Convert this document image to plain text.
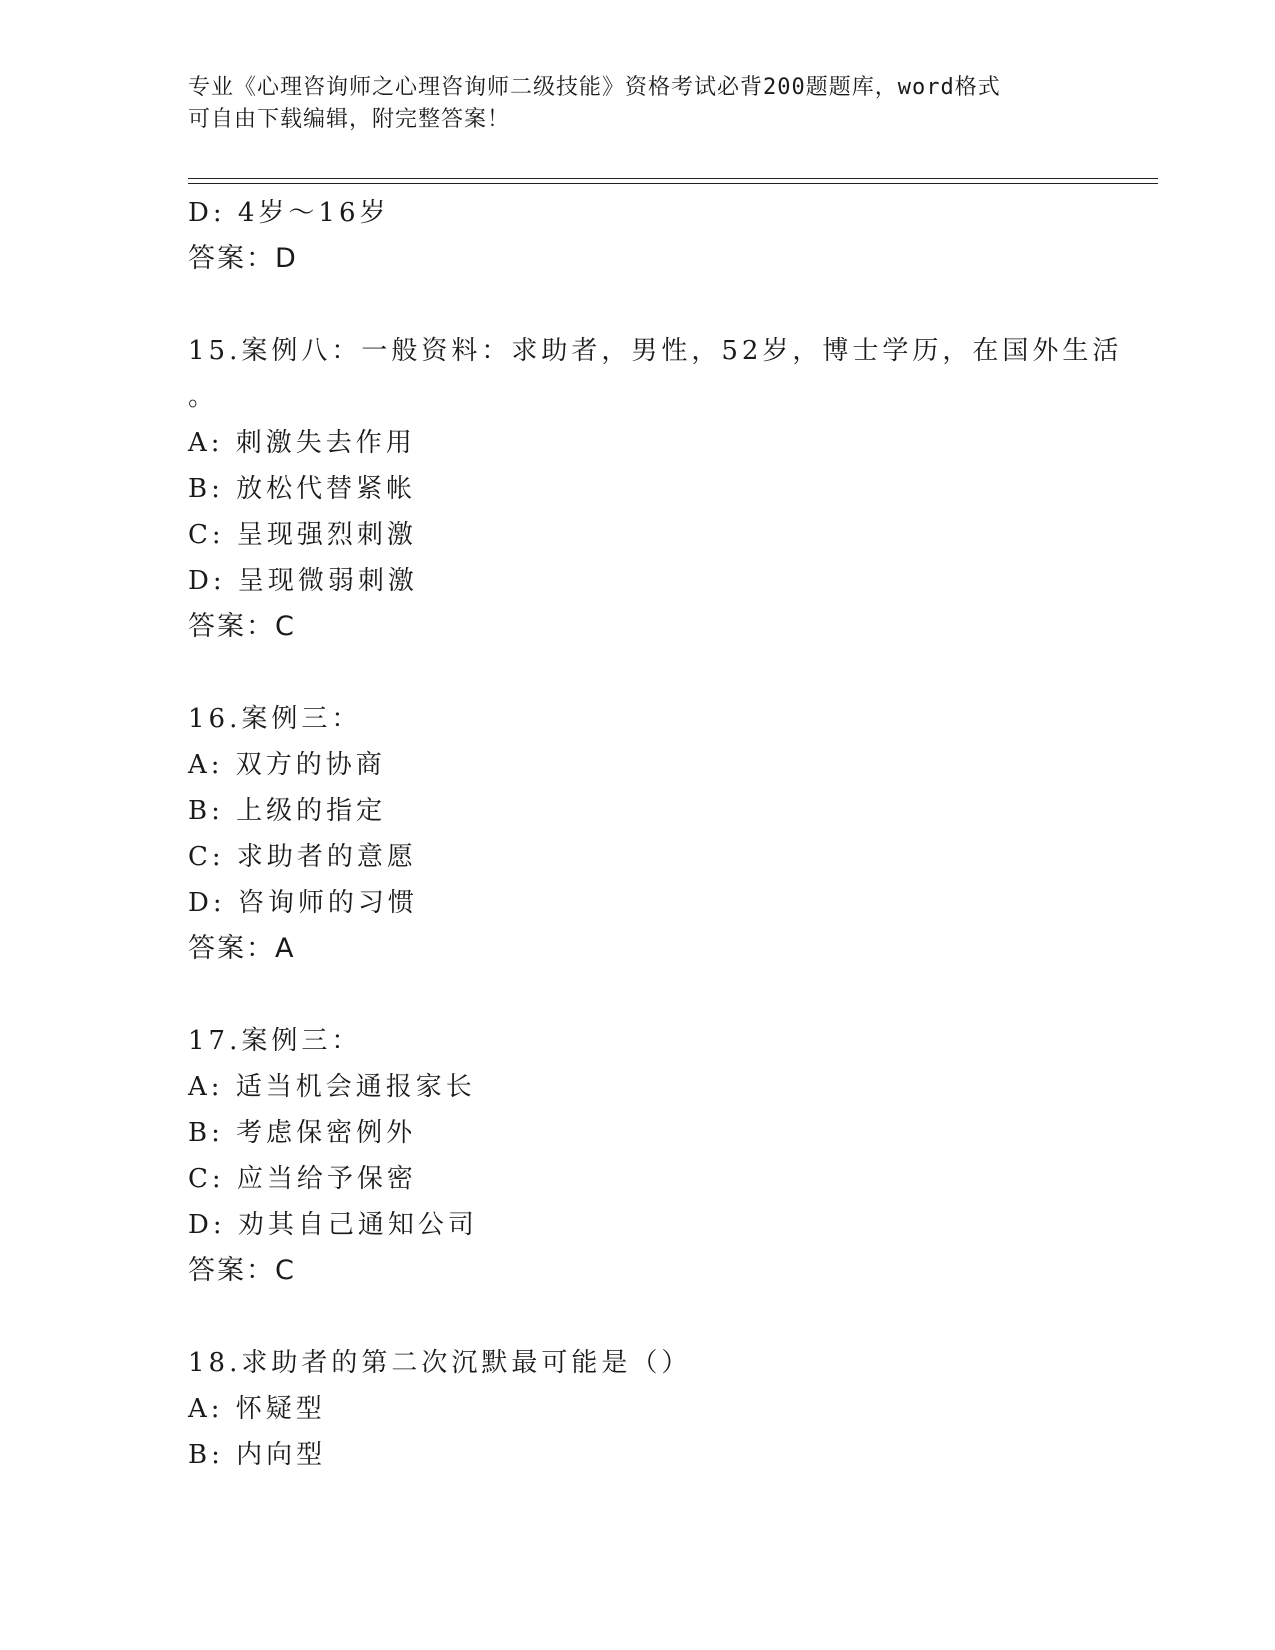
专业《心理咨询师之心理咨询师二级技能》资格考试必背200题题库，word格式
可自由下载编辑，附完整答案！
D: 4岁～16岁
答案：D
15.案例八：一般资料：求助者，男性，52岁，博士学历，在国外生活
。
A: 刺激失去作用
B: 放松代替紧帐
C: 呈现强烈刺激
D: 呈现微弱刺激
答案：C
16.案例三：
A: 双方的协商
B: 上级的指定
C: 求助者的意愿
D: 咨询师的习惯
答案：A
17.案例三：
A: 适当机会通报家长
B: 考虑保密例外
C: 应当给予保密
D: 劝其自己通知公司
答案：C
18.求助者的第二次沉默最可能是（）
A: 怀疑型
B: 内向型
